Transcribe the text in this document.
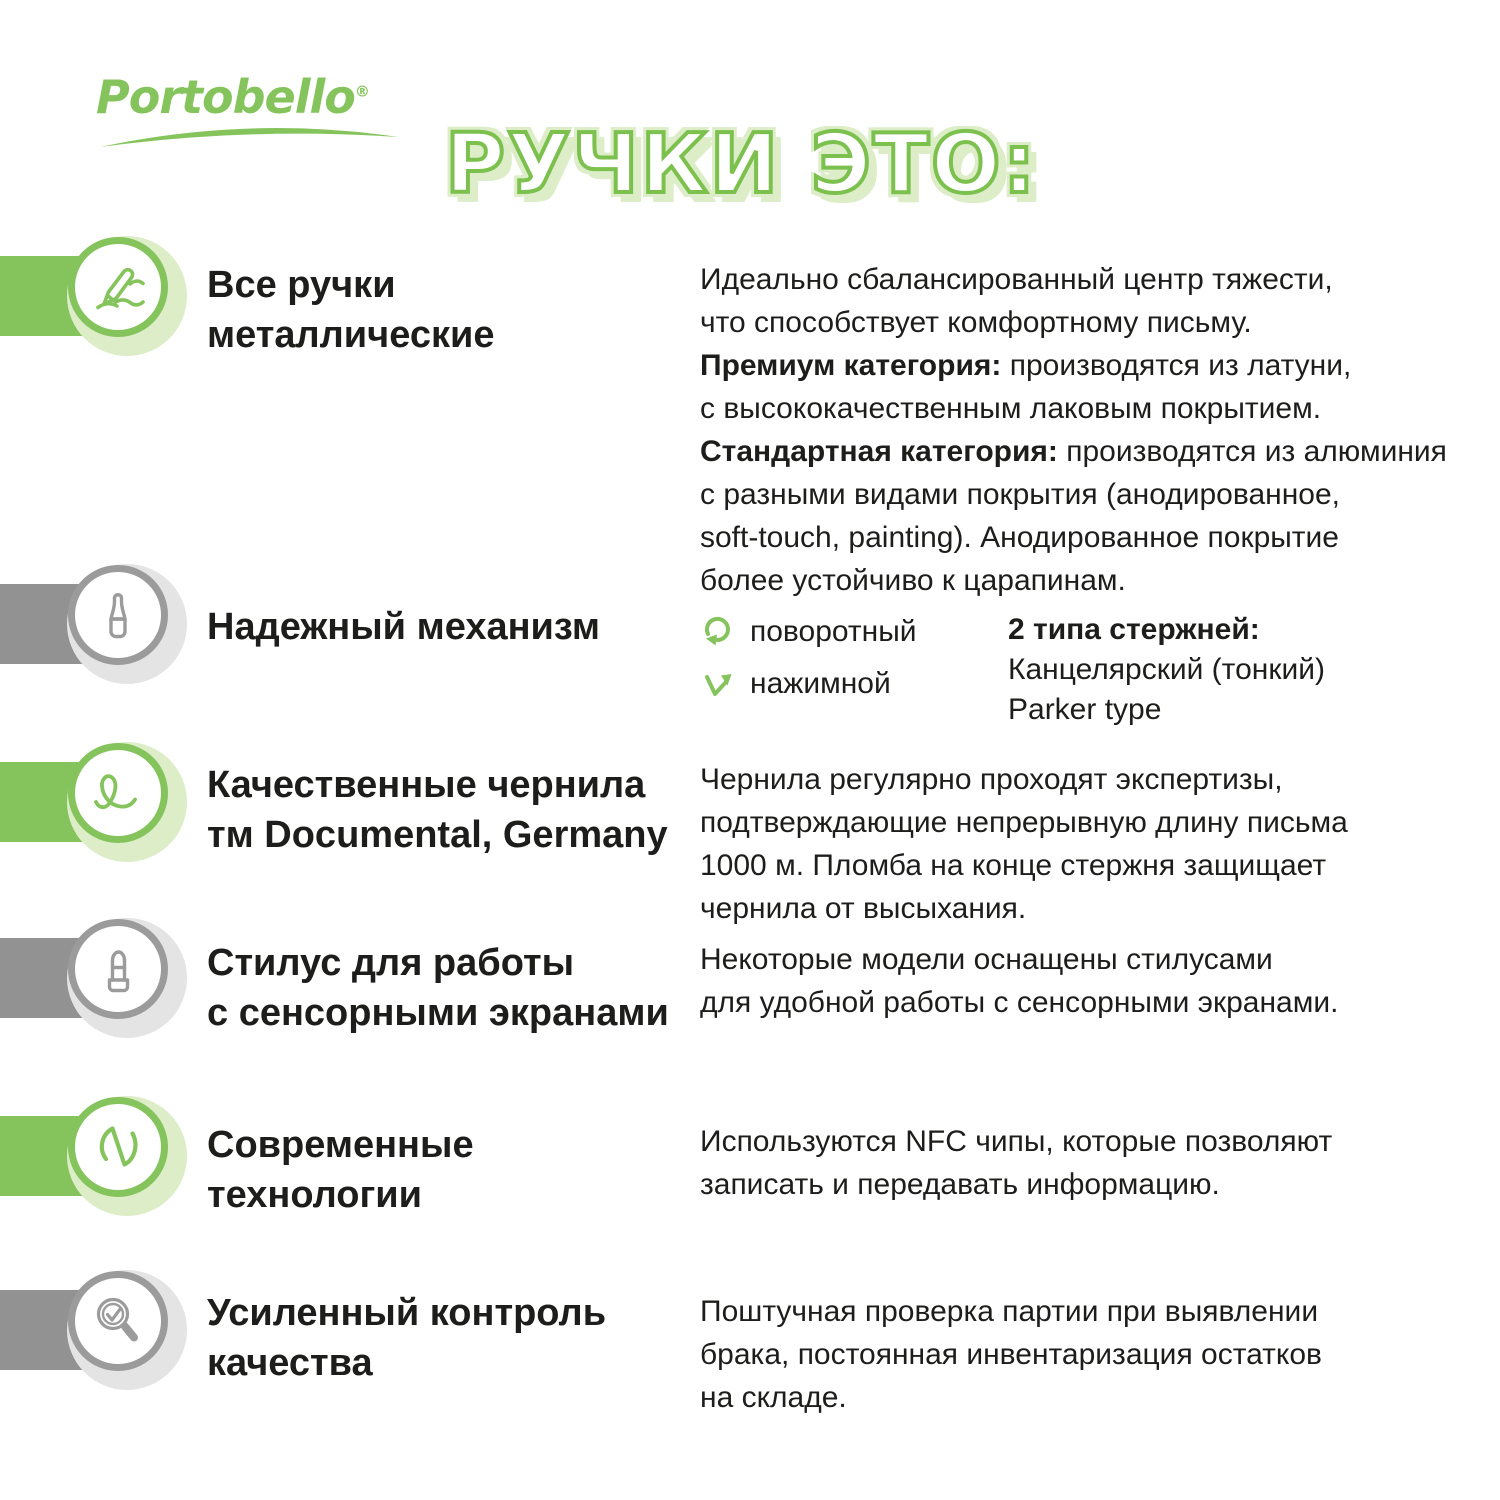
Portobello®
РУЧКИ ЭТО:
Все ручки
металлические
Идеально сбалансированный центр тяжести,
что способствует комфортному письму.
Премиум категория: производятся из латуни,
с высококачественным лаковым покрытием.
Стандартная категория: производятся из алюминия
с разными видами покрытия (анодированное,
soft-touch, painting). Анодированное покрытие
более устойчиво к царапинам.
Надежный механизм	поворотный
нажимной
2 типа стержней:
Канцелярский (тонкий)
Parker type
Качественные чернила
тм Documental, Germany
Чернила регулярно проходят экспертизы,
подтверждающие непрерывную длину письма
1000 м. Пломба на конце стержня защищает
чернила от высыхания.
Стилус для работы
с сенсорными экранами
Некоторые модели оснащены стилусами
для удобной работы с сенсорными экранами.
Современные
технологии
Используются NFC чипы, которые позволяют
записать и передавать информацию.
Усиленный контроль
качества
Поштучная проверка партии при выявлении
брака, постоянная инвентаризация остатков
на складе.
